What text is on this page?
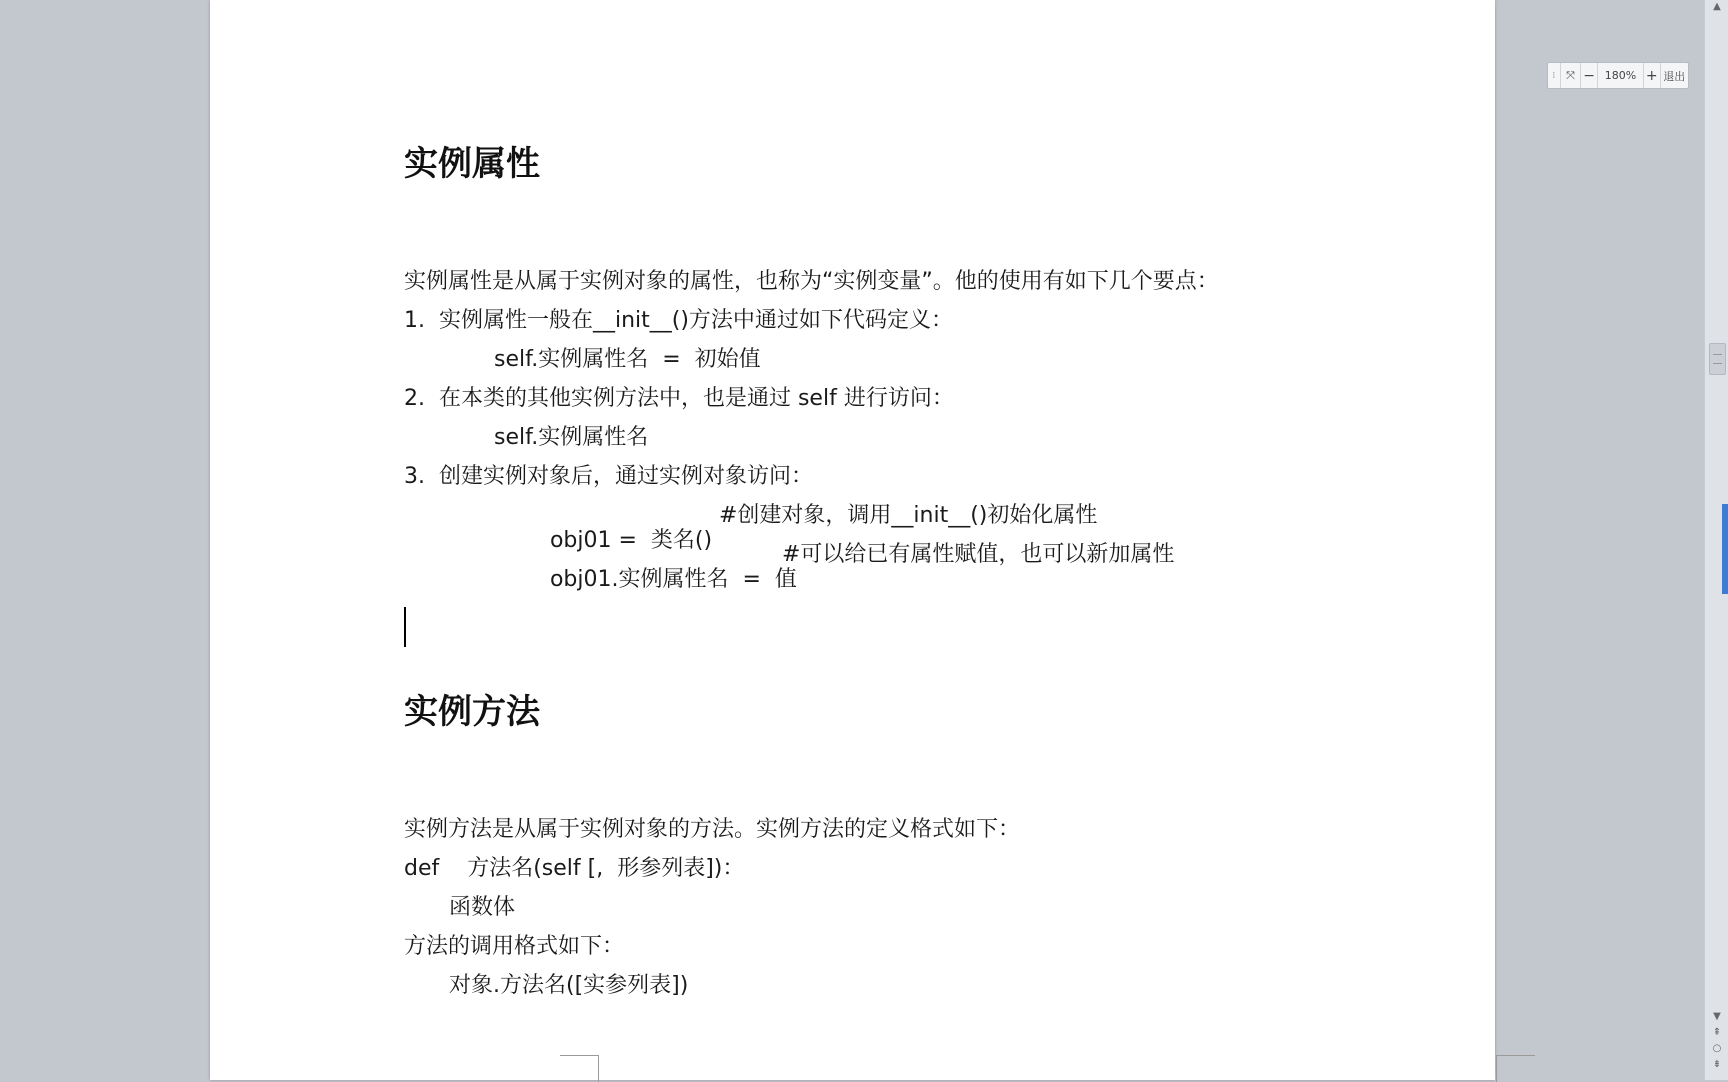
实例属性
实例属性是从属于实例对象的属性，也称为“实例变量”。他的使用有如下几个要点：
1.  实例属性一般在__init__()方法中通过如下代码定义：
self.实例属性名  =  初始值
2.  在本类的其他实例方法中，也是通过 self 进行访问：
self.实例属性名
3.  创建实例对象后，通过实例对象访问：

obj01 =  类名()

#创建对象，调用__init__()初始化属性

obj01.实例属性名  =  值

#可以给已有属性赋值，也可以新加属性

实例方法
实例方法是从属于实例对象的方法。实例方法的定义格式如下：
def    方法名(self [,  形参列表])：
函数体
方法的调用格式如下：
对象.方法名([实参列表])
⁞ ⤧ − 180% + 退出
▲
▼
⇞
○
⇟
